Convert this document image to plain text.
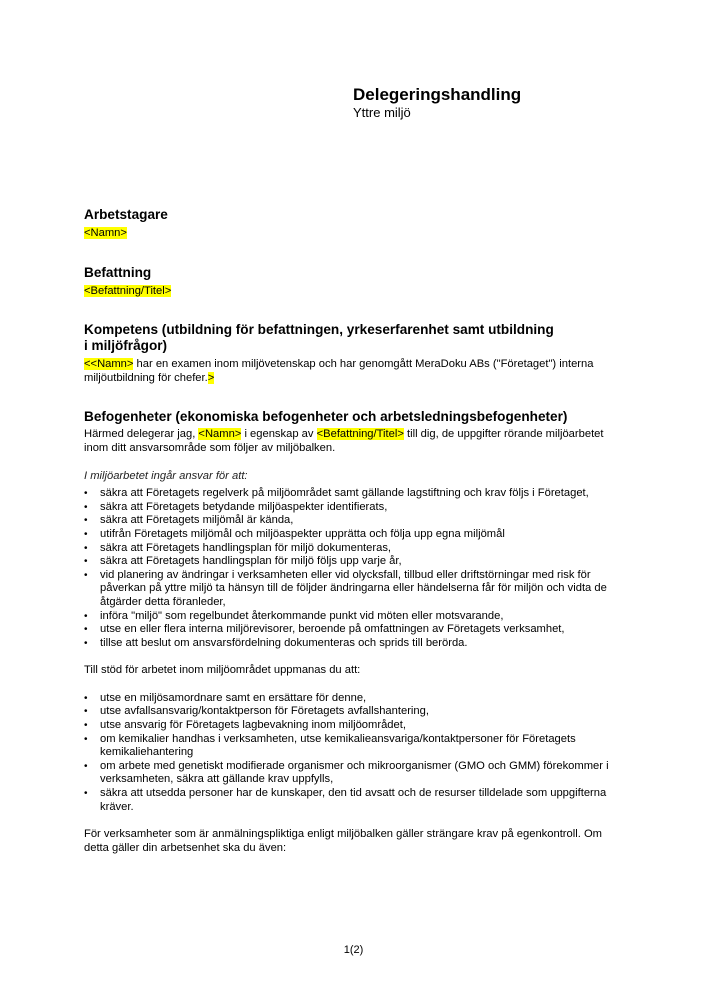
Delegeringshandling

Yttre miljö

Arbetstagare

<Namn>

Befattning

<Befattning/Titel>

Kompetens (utbildning för befattningen, yrkeserfarenhet samt utbildning
i miljöfrågor)

<<Namn> har en examen inom miljövetenskap och har genomgått MeraDoku ABs ("Företaget") interna miljöutbildning för chefer.>

Befogenheter (ekonomiska befogenheter och arbetsledningsbefogenheter)

Härmed delegerar jag, <Namn> i egenskap av <Befattning/Titel> till dig, de uppgifter rörande miljöarbetet inom ditt ansvarsområde som följer av miljöbalken.

I miljöarbetet ingår ansvar för att:

• säkra att Företagets regelverk på miljöområdet samt gällande lagstiftning och krav följs i Företaget,
• säkra att Företagets betydande miljöaspekter identifierats,
• säkra att Företagets miljömål är kända,
• utifrån Företagets miljömål och miljöaspekter upprätta och följa upp egna miljömål
• säkra att Företagets handlingsplan för miljö dokumenteras,
• säkra att Företagets handlingsplan för miljö följs upp varje år,
• vid planering av ändringar i verksamheten eller vid olycksfall, tillbud eller driftstörningar med risk för påverkan på yttre miljö ta hänsyn till de följder ändringarna eller händelserna får för miljön och vidta de åtgärder detta föranleder,
• införa "miljö" som regelbundet återkommande punkt vid möten eller motsvarande,
• utse en eller flera interna miljörevisorer, beroende på omfattningen av Företagets verksamhet,
• tillse att beslut om ansvarsfördelning dokumenteras och sprids till berörda.

Till stöd för arbetet inom miljöområdet uppmanas du att:

• utse en miljösamordnare samt en ersättare för denne,
• utse avfallsansvarig/kontaktperson för Företagets avfallshantering,
• utse ansvarig för Företagets lagbevakning inom miljöområdet,
• om kemikalier handhas i verksamheten, utse kemikalieansvariga/kontaktpersoner för Företagets kemikaliehantering
• om arbete med genetiskt modifierade organismer och mikroorganismer (GMO och GMM) förekommer i verksamheten, säkra att gällande krav uppfylls,
• säkra att utsedda personer har de kunskaper, den tid avsatt och de resurser tilldelade som uppgifterna kräver.

För verksamheter som är anmälningspliktiga enligt miljöbalken gäller strängare krav på egenkontroll. Om detta gäller din arbetsenhet ska du även:

1(2)
